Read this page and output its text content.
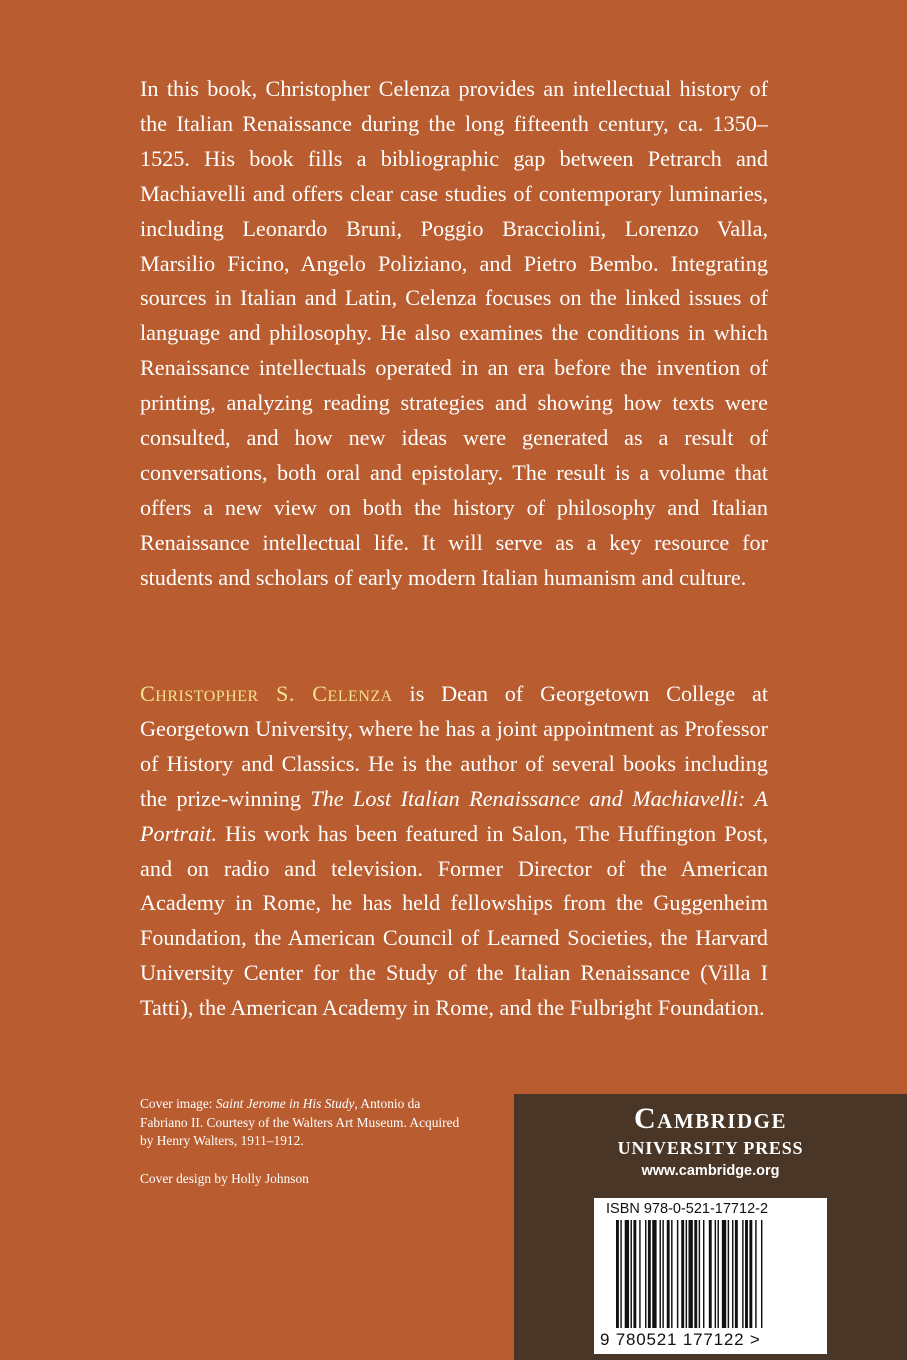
In this book, Christopher Celenza provides an intellectual history of the Italian Renaissance during the long fifteenth century, ca. 1350–1525. His book fills a bibliographic gap between Petrarch and Machiavelli and offers clear case studies of contemporary luminaries, including Leonardo Bruni, Poggio Bracciolini, Lorenzo Valla, Marsilio Ficino, Angelo Poliziano, and Pietro Bembo. Integrating sources in Italian and Latin, Celenza focuses on the linked issues of language and philosophy. He also examines the conditions in which Renaissance intellectuals operated in an era before the invention of printing, analyzing reading strategies and showing how texts were consulted, and how new ideas were generated as a result of conversations, both oral and epistolary. The result is a volume that offers a new view on both the history of philosophy and Italian Renaissance intellectual life. It will serve as a key resource for students and scholars of early modern Italian humanism and culture.

Christopher S. Celenza is Dean of Georgetown College at Georgetown University, where he has a joint appointment as Professor of History and Classics. He is the author of several books including the prize-winning The Lost Italian Renaissance and Machiavelli: A Portrait. His work has been featured in Salon, The Huffington Post, and on radio and television. Former Director of the American Academy in Rome, he has held fellowships from the Guggenheim Foundation, the American Council of Learned Societies, the Harvard University Center for the Study of the Italian Renaissance (Villa I Tatti), the American Academy in Rome, and the Fulbright Foundation.

Cover image: Saint Jerome in His Study, Antonio da Fabriano II. Courtesy of the Walters Art Museum. Acquired by Henry Walters, 1911–1912.

Cover design by Holly Johnson

Cambridge
UNIVERSITY PRESS
www.cambridge.org
ISBN 978-0-521-17712-2
9 780521 177122 >
